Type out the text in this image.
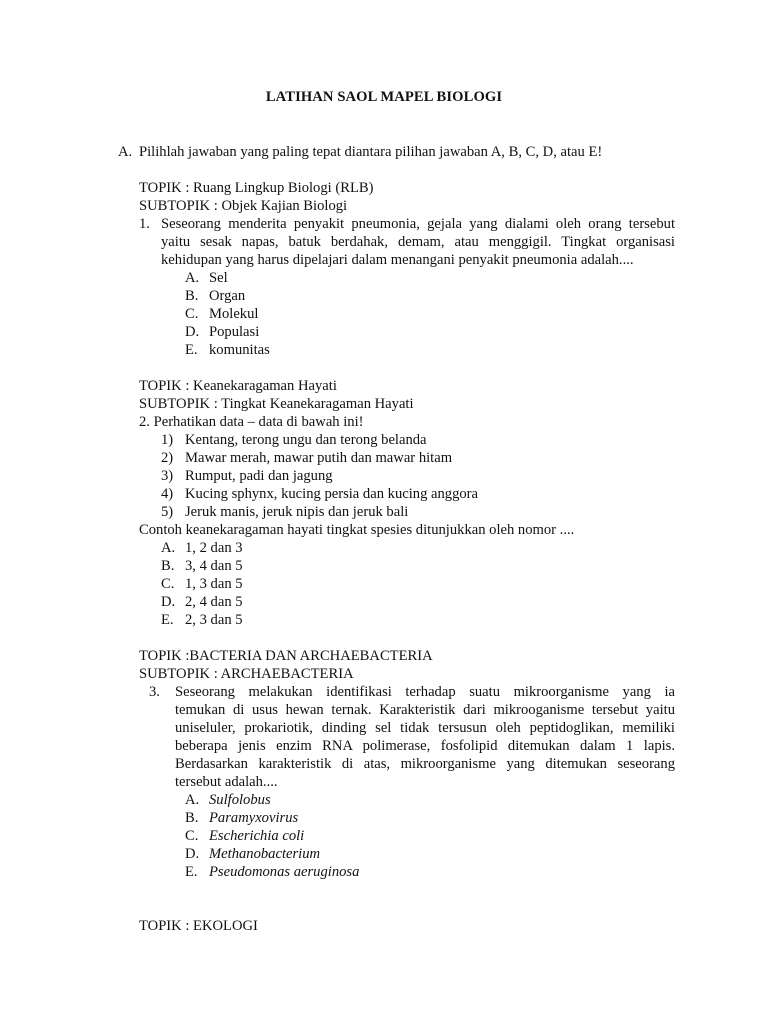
LATIHAN SAOL MAPEL BIOLOGI
A. Pilihlah jawaban yang paling tepat diantara pilihan jawaban A, B, C, D, atau E!
TOPIK : Ruang Lingkup Biologi (RLB)
SUBTOPIK : Objek Kajian Biologi
1. Seseorang menderita penyakit pneumonia, gejala yang dialami oleh orang tersebut
yaitu sesak napas, batuk berdahak, demam, atau menggigil. Tingkat organisasi
kehidupan yang harus dipelajari dalam menangani penyakit pneumonia adalah....
A. Sel
B. Organ
C. Molekul
D. Populasi
E. komunitas
TOPIK : Keanekaragaman Hayati
SUBTOPIK : Tingkat Keanekaragaman Hayati
2. Perhatikan data – data di bawah ini!
1) Kentang, terong ungu dan terong belanda
2) Mawar merah, mawar putih dan mawar hitam
3) Rumput, padi dan jagung
4) Kucing sphynx, kucing persia dan kucing anggora
5) Jeruk manis, jeruk nipis dan jeruk bali
Contoh keanekaragaman hayati tingkat spesies ditunjukkan oleh nomor ....
A. 1, 2 dan 3
B. 3, 4 dan 5
C. 1, 3 dan 5
D. 2, 4 dan 5
E. 2, 3 dan 5
TOPIK :BACTERIA DAN ARCHAEBACTERIA
SUBTOPIK : ARCHAEBACTERIA
3.	Seseorang melakukan identifikasi terhadap suatu mikroorganisme yang ia
temukan di usus hewan ternak. Karakteristik dari mikrooganisme tersebut yaitu
uniseluler, prokariotik, dinding sel tidak tersusun oleh peptidoglikan, memiliki
beberapa jenis enzim RNA polimerase, fosfolipid ditemukan dalam 1 lapis.
Berdasarkan karakteristik di atas, mikroorganisme yang ditemukan seseorang
tersebut adalah....
A. Sulfolobus
B. Paramyxovirus
C. Escherichia coli
D. Methanobacterium
E. Pseudomonas aeruginosa
TOPIK : EKOLOGI
